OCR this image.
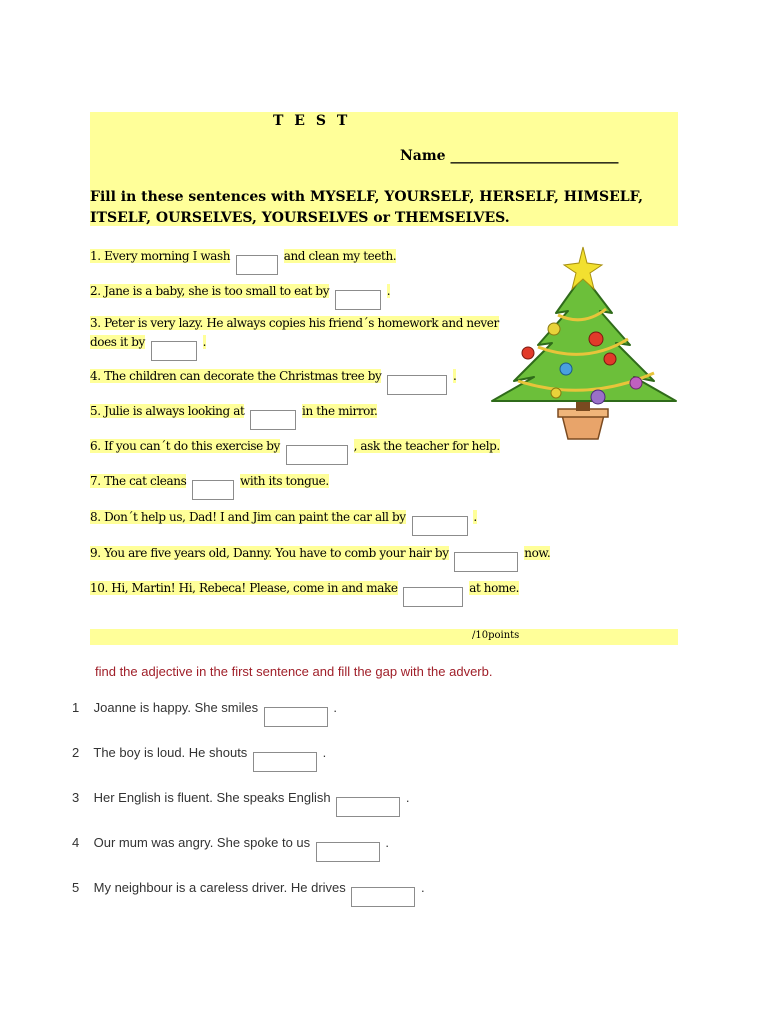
T E S T
Name ________________________
Fill in these sentences with MYSELF, YOURSELF, HERSELF, HIMSELF, ITSELF, OURSELVES, YOURSELVES or THEMSELVES.
1. Every morning I wash	and clean my teeth.
2. Jane is a baby, she is too small to eat by	.
3. Peter is very lazy. He always copies his friend´s homework and never
does it by	.
4. The children can decorate the Christmas tree by	.
5. Julie is always looking at	in the mirror.
6. If you can´t do this exercise by	, ask the teacher for help.
7. The cat cleans	with its tongue.
8. Don´t help us, Dad! I and Jim can paint the car all by	.
9. You are five years old, Danny. You have to comb your hair by	now.
10. Hi, Martin! Hi, Rebeca! Please, come in and make	at home.
/10points
find the adjective in the first sentence and fill the gap with the adverb.
1 Joanne is happy. She smiles	.
2 The boy is loud. He shouts	.
3 Her English is fluent. She speaks English	.
4 Our mum was angry. She spoke to us	.
5 My neighbour is a careless driver. He drives	.
